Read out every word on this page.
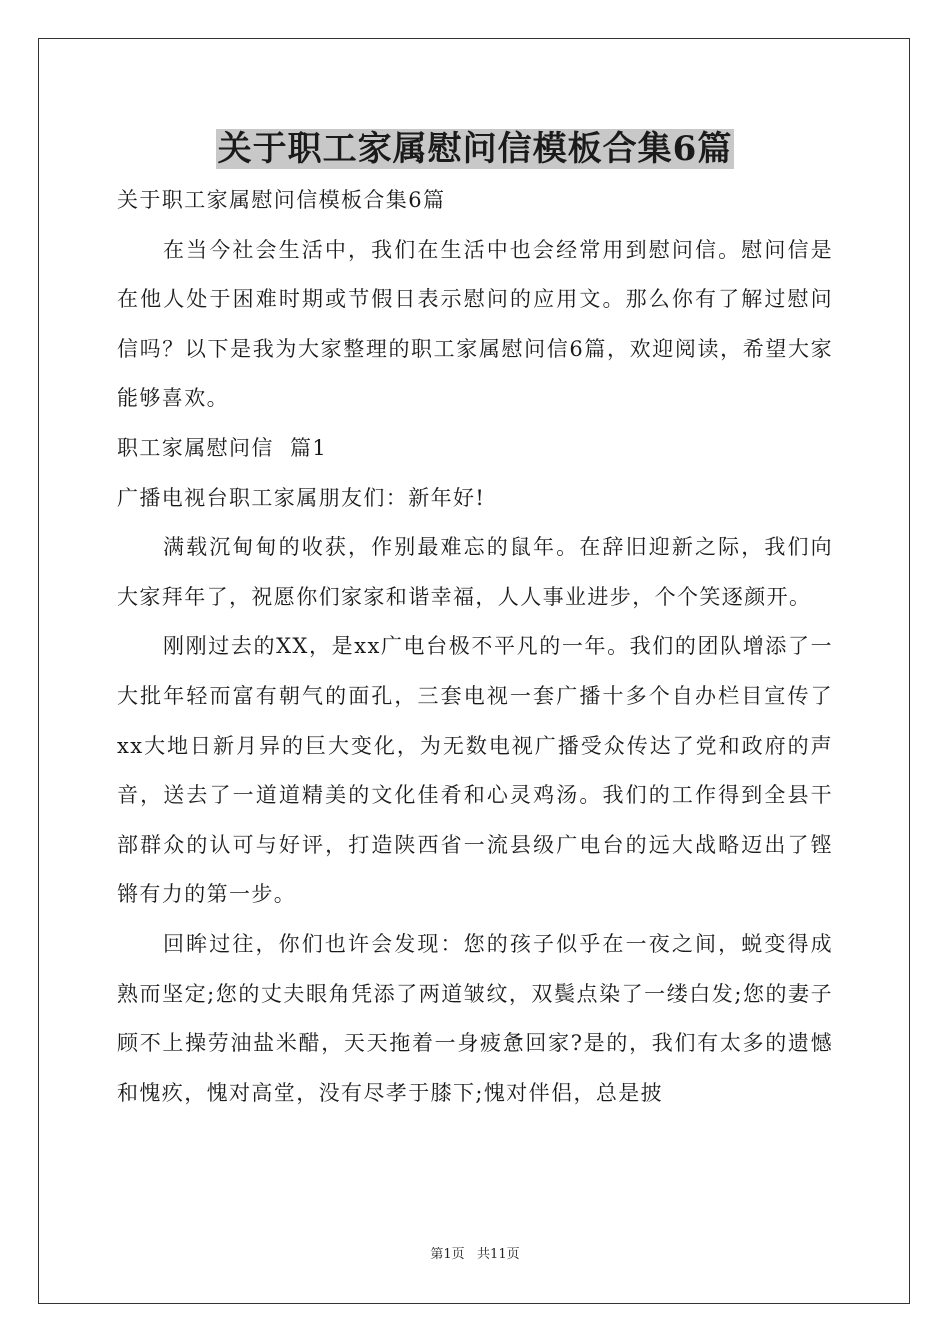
关于职工家属慰问信模板合集6篇

关于职工家属慰问信模板合集6篇

在当今社会生活中，我们在生活中也会经常用到慰问信。慰问信是在他人处于困难时期或节假日表示慰问的应用文。那么你有了解过慰问信吗？以下是我为大家整理的职工家属慰问信6篇，欢迎阅读，希望大家能够喜欢。

职工家属慰问信  篇1

广播电视台职工家属朋友们：新年好!

满载沉甸甸的收获，作别最难忘的鼠年。在辞旧迎新之际，我们向大家拜年了，祝愿你们家家和谐幸福，人人事业进步，个个笑逐颜开。

刚刚过去的XX，是xx广电台极不平凡的一年。我们的团队增添了一大批年轻而富有朝气的面孔，三套电视一套广播十多个自办栏目宣传了xx大地日新月异的巨大变化，为无数电视广播受众传达了党和政府的声音，送去了一道道精美的文化佳肴和心灵鸡汤。我们的工作得到全县干部群众的认可与好评，打造陕西省一流县级广电台的远大战略迈出了铿锵有力的第一步。

回眸过往，你们也许会发现：您的孩子似乎在一夜之间，蜕变得成熟而坚定;您的丈夫眼角凭添了两道皱纹，双鬓点染了一缕白发;您的妻子顾不上操劳油盐米醋，天天拖着一身疲惫回家?是的，我们有太多的遗憾和愧疚，愧对高堂，没有尽孝于膝下;愧对伴侣，总是披

第1页   共11页
